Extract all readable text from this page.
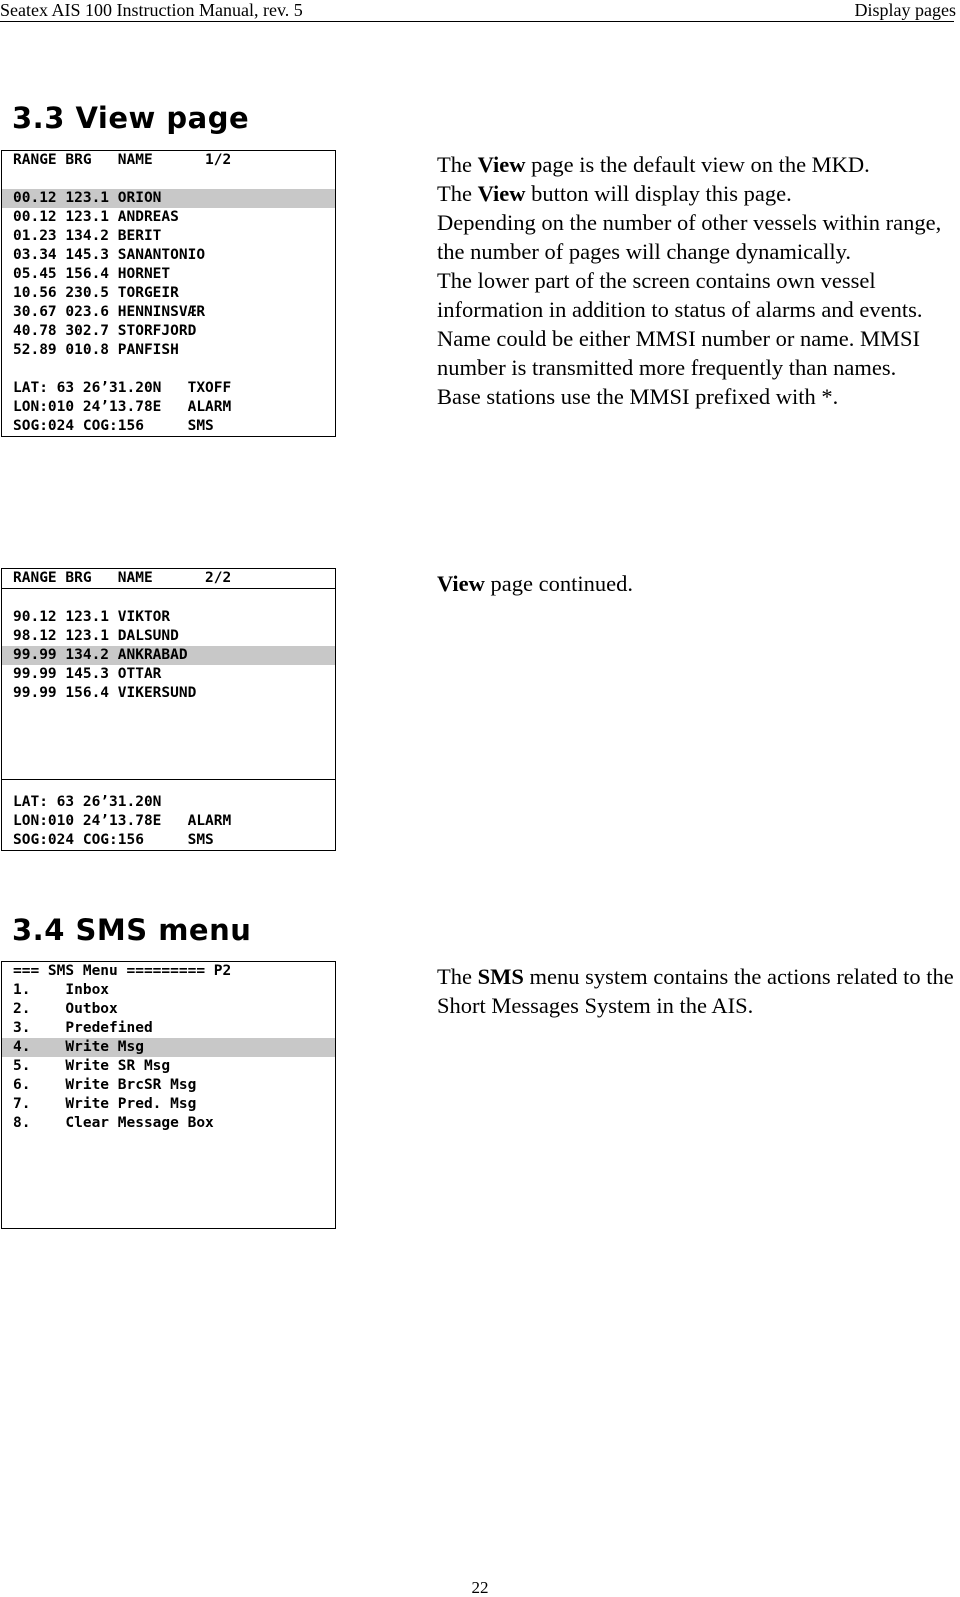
Seatex AIS 100 Instruction Manual, rev. 5	Display pages
3.3 View page
RANGE BRG   NAME      1/2
00.12 123.1 ORION
00.12 123.1 ANDREAS
01.23 134.2 BERIT
03.34 145.3 SANANTONIO
05.45 156.4 HORNET
10.56 230.5 TORGEIR
30.67 023.6 HENNINSVÆR
40.78 302.7 STORFJORD
52.89 010.8 PANFISH
LAT: 63 26’31.20N   TXOFF
LON:010 24’13.78E   ALARM
SOG:024 COG:156     SMS

The View page is the default view on the MKD.

The View button will display this page.

Depending on the number of other vessels within range, the number of pages will change dynamically.

The lower part of the screen contains own vessel information in addition to status of alarms and events.

Name could be either MMSI number or name. MMSI number is transmitted more frequently than names.

Base stations use the MMSI prefixed with *.

RANGE BRG   NAME      2/2
90.12 123.1 VIKTOR
98.12 123.1 DALSUND
99.99 134.2 ANKRABAD
99.99 145.3 OTTAR
99.99 156.4 VIKERSUND
LAT: 63 26’31.20N
LON:010 24’13.78E   ALARM
SOG:024 COG:156     SMS

View page continued.

3.4 SMS menu
=== SMS Menu ========= P2
1.    Inbox
2.    Outbox
3.    Predefined
4.    Write Msg
5.    Write SR Msg
6.    Write BrcSR Msg
7.    Write Pred. Msg
8.    Clear Message Box

The SMS menu system contains the actions related to the Short Messages System in the AIS.

22
